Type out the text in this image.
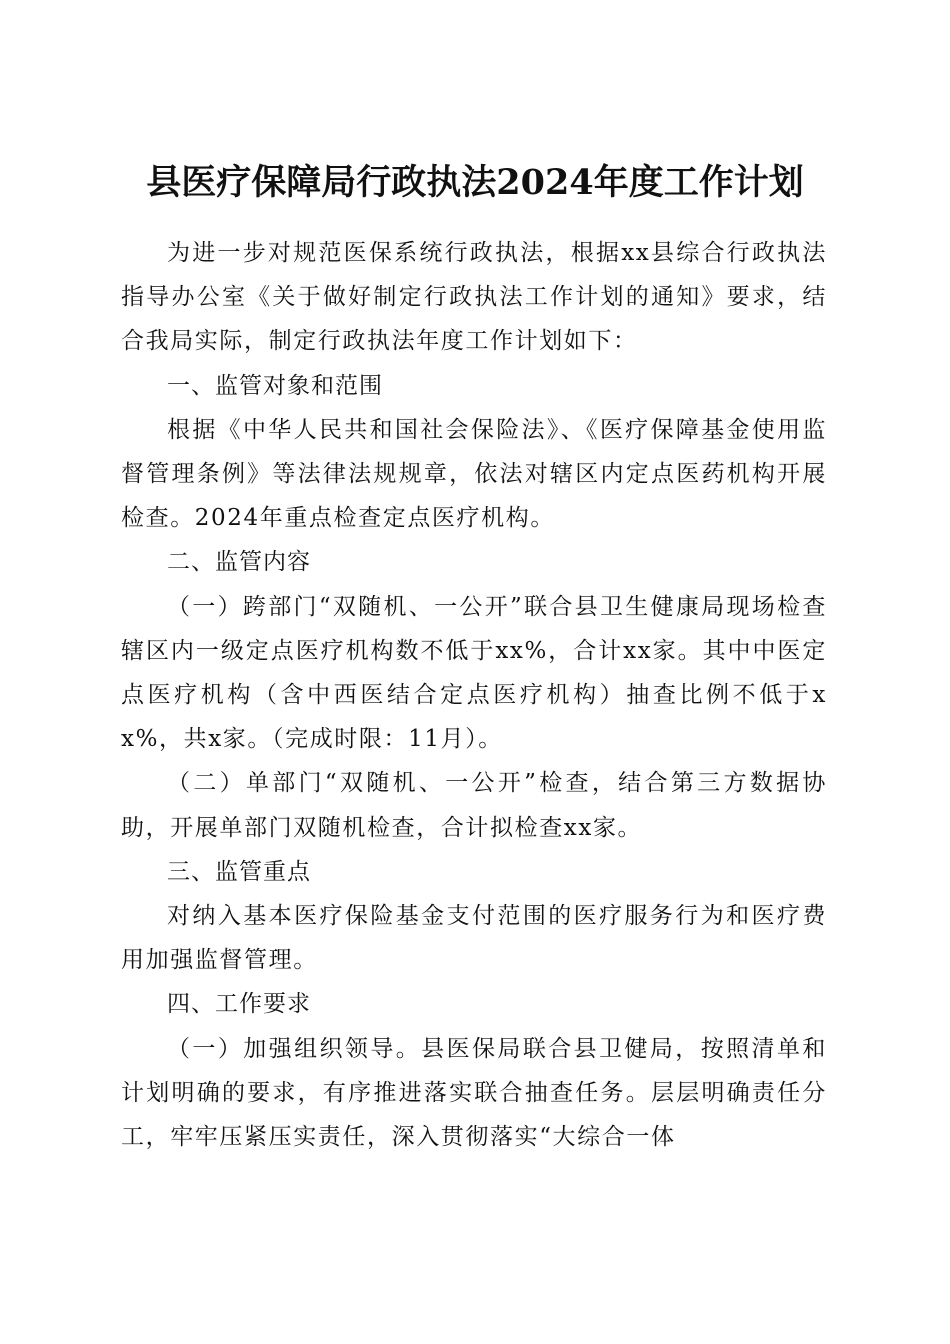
县医疗保障局行政执法2024年度工作计划

为进一步对规范医保系统行政执法，根据xx县综合行政执法指导办公室《关于做好制定行政执法工作计划的通知》要求，结合我局实际，制定行政执法年度工作计划如下：

一、监管对象和范围

根据《中华人民共和国社会保险法》、《医疗保障基金使用监督管理条例》等法律法规规章，依法对辖区内定点医药机构开展检查。2024年重点检查定点医疗机构。

二、监管内容

（一）跨部门“双随机、一公开”联合县卫生健康局现场检查辖区内一级定点医疗机构数不低于xx%，合计xx家。其中中医定点医疗机构（含中西医结合定点医疗机构）抽查比例不低于xx%，共x家。（完成时限：11月）。

（二）单部门“双随机、一公开”检查，结合第三方数据协助，开展单部门双随机检查，合计拟检查xx家。

三、监管重点

对纳入基本医疗保险基金支付范围的医疗服务行为和医疗费用加强监督管理。

四、工作要求

（一）加强组织领导。县医保局联合县卫健局，按照清单和计划明确的要求，有序推进落实联合抽查任务。层层明确责任分工，牢牢压紧压实责任，深入贯彻落实“大综合一体
